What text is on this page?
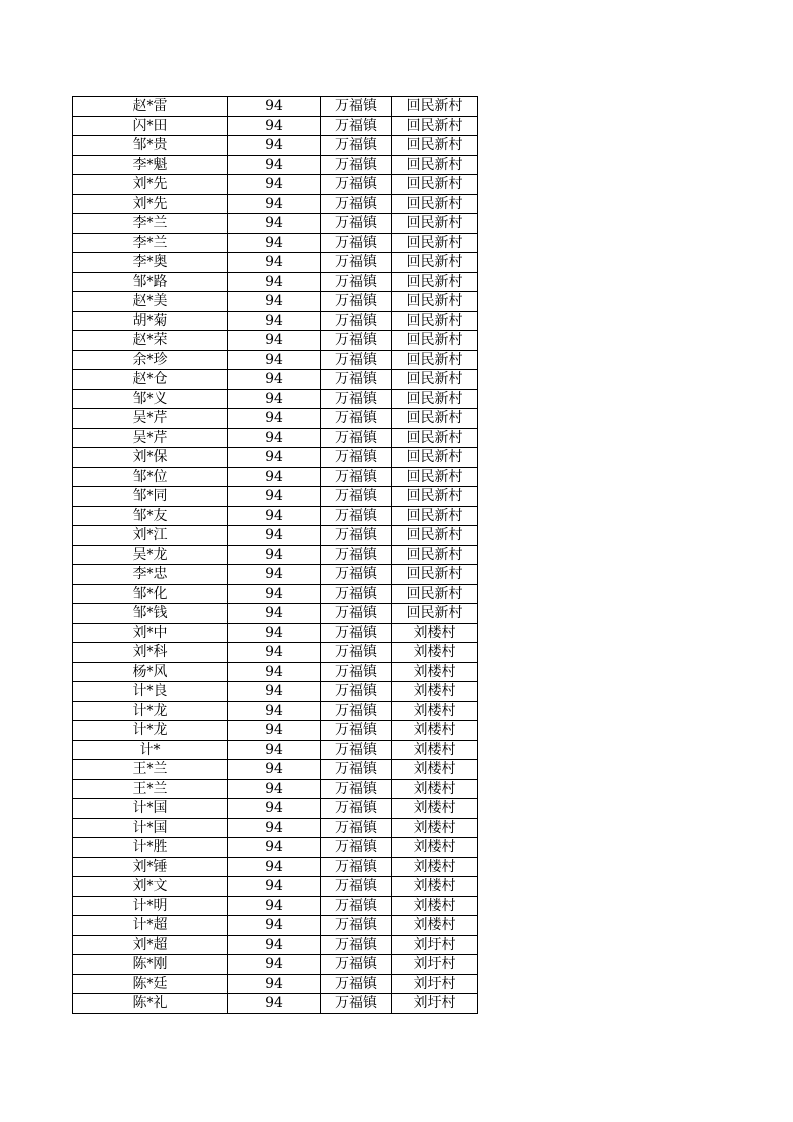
赵*雷	94	万福镇	回民新村
闪*田	94	万福镇	回民新村
邹*贵	94	万福镇	回民新村
李*魁	94	万福镇	回民新村
刘*先	94	万福镇	回民新村
刘*先	94	万福镇	回民新村
李*兰	94	万福镇	回民新村
李*兰	94	万福镇	回民新村
李*奥	94	万福镇	回民新村
邹*路	94	万福镇	回民新村
赵*美	94	万福镇	回民新村
胡*菊	94	万福镇	回民新村
赵*荣	94	万福镇	回民新村
余*珍	94	万福镇	回民新村
赵*仓	94	万福镇	回民新村
邹*义	94	万福镇	回民新村
吴*芹	94	万福镇	回民新村
吴*芹	94	万福镇	回民新村
刘*保	94	万福镇	回民新村
邹*位	94	万福镇	回民新村
邹*同	94	万福镇	回民新村
邹*友	94	万福镇	回民新村
刘*江	94	万福镇	回民新村
吴*龙	94	万福镇	回民新村
李*忠	94	万福镇	回民新村
邹*化	94	万福镇	回民新村
邹*钱	94	万福镇	回民新村
刘*中	94	万福镇	刘楼村
刘*科	94	万福镇	刘楼村
杨*风	94	万福镇	刘楼村
计*良	94	万福镇	刘楼村
计*龙	94	万福镇	刘楼村
计*龙	94	万福镇	刘楼村
计*	94	万福镇	刘楼村
王*兰	94	万福镇	刘楼村
王*兰	94	万福镇	刘楼村
计*国	94	万福镇	刘楼村
计*国	94	万福镇	刘楼村
计*胜	94	万福镇	刘楼村
刘*锤	94	万福镇	刘楼村
刘*文	94	万福镇	刘楼村
计*明	94	万福镇	刘楼村
计*超	94	万福镇	刘楼村
刘*超	94	万福镇	刘圩村
陈*刚	94	万福镇	刘圩村
陈*廷	94	万福镇	刘圩村
陈*礼	94	万福镇	刘圩村
